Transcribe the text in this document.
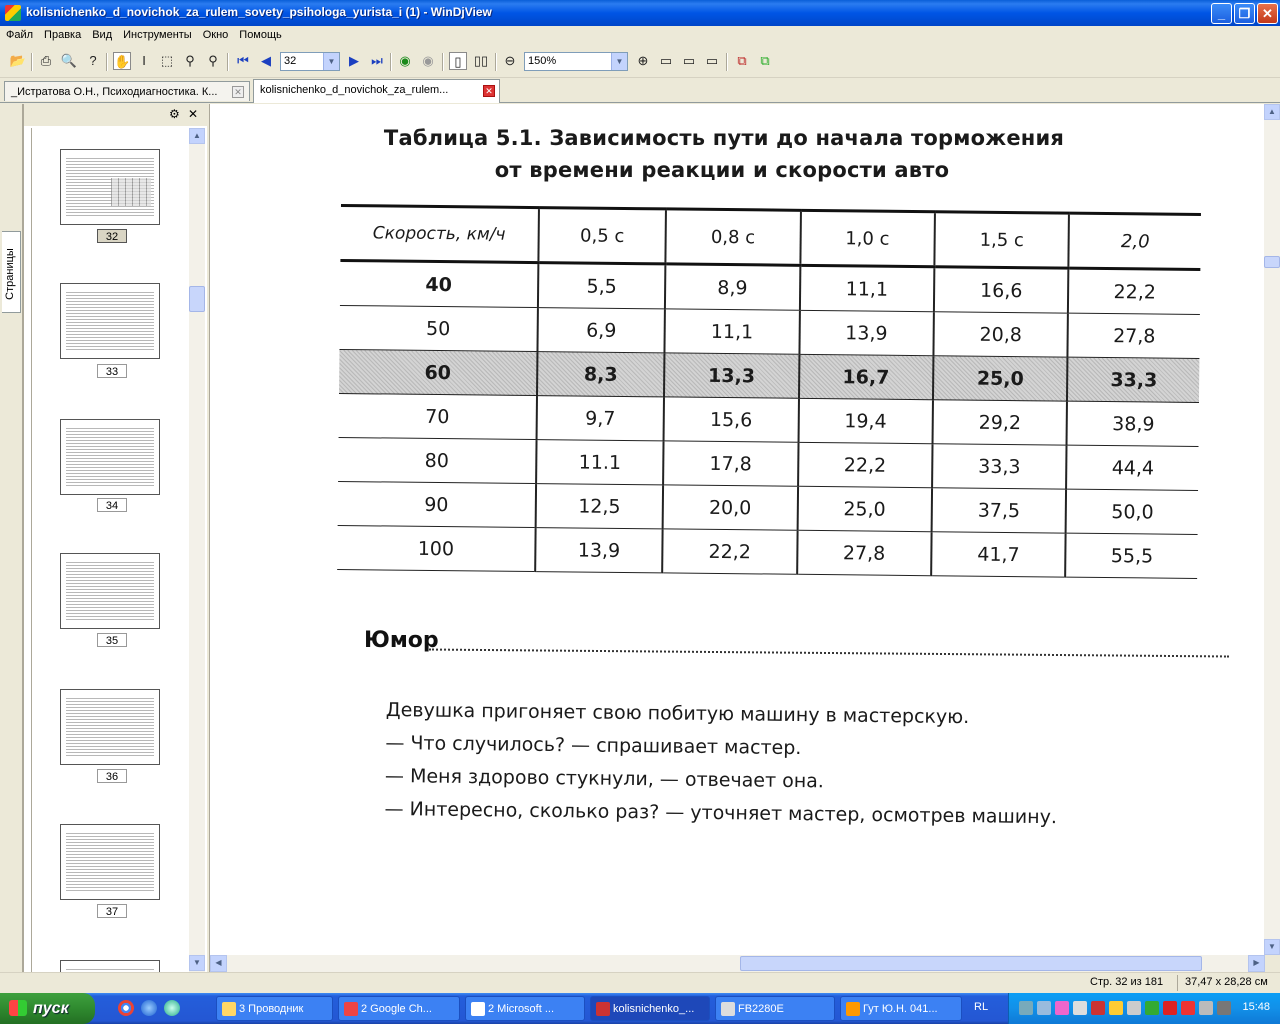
kolisnichenko_d_novichok_za_rulem_sovety_psihologa_yurista_i (1) - WinDjView	_	❐ ✕
Файл Правка Вид Инструменты Окно Помощь
📂 ⎙ 🔍 ?	✋ I	⬚ ⚲	⚲	⏮ ◀	32	▼	▶ ⏭ ◉ ◉	▯ ▯▯ ⊖	150%	▼ ⊕ ▭ ▭ ▭	⧉	⧉
_Истратова О.Н., Психодиагностика. К...	✕	kolisnichenko_d_novichok_za_rulem...	✕
Страницы
⚙ ✕
32
33
34
35
36
37
▲
▼
Таблица 5.1. Зависимость пути до начала торможения
от времени реакции и скорости авто
Скорость, км/ч	0,5 с	0,8 с	1,0 с	1,5 с	2,0
40	5,5	8,9	11,1	16,6	22,2
50	6,9	11,1	13,9	20,8	27,8
60	8,3	13,3	16,7	25,0	33,3
70	9,7	15,6	19,4	29,2	38,9
80	11.1	17,8	22,2	33,3	44,4
90	12,5	20,0	25,0	37,5	50,0
100	13,9	22,2	27,8	41,7	55,5
Юмор
Девушка пригоняет свою побитую машину в мастерскую.
— Что случилось? — спрашивает мастер.
— Меня здорово стукнули, — отвечает она.
— Интересно, сколько раз? — уточняет мастер, осмотрев машину.
▲
▼
◀	▶
Стр. 32 из 181 37,47 x 28,28 см
пуск	3 Проводник	2 Google Ch...	2 Microsoft ...	kolisnichenko_...	FB2280E	Гут Ю.Н. 041...	RL	15:48
